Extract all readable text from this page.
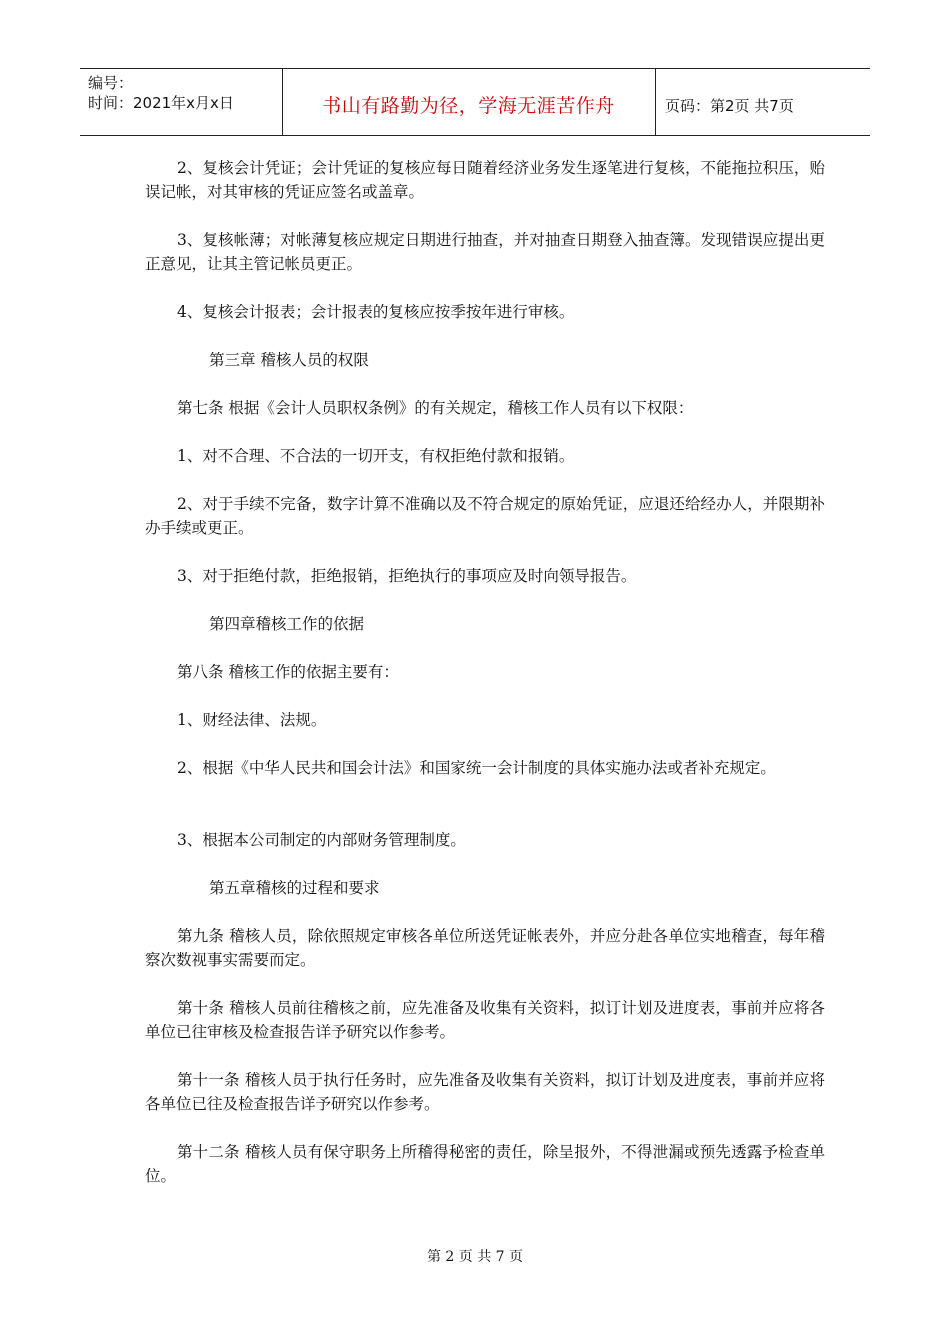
编号：
时间：2021年x月x日	书山有路勤为径，学海无涯苦作舟	页码：第2页 共7页

2、复核会计凭证；会计凭证的复核应每日随着经济业务发生逐笔进行复核，不能拖拉积压，贻误记帐，对其审核的凭证应签名或盖章。

3、复核帐薄；对帐薄复核应规定日期进行抽查，并对抽查日期登入抽查簿。发现错误应提出更正意见，让其主管记帐员更正。

4、复核会计报表；会计报表的复核应按季按年进行审核。

第三章 稽核人员的权限

第七条 根据《会计人员职权条例》的有关规定，稽核工作人员有以下权限：

1、对不合理、不合法的一切开支，有权拒绝付款和报销。

2、对于手续不完备，数字计算不准确以及不符合规定的原始凭证，应退还给经办人，并限期补办手续或更正。

3、对于拒绝付款，拒绝报销，拒绝执行的事项应及时向领导报告。

第四章稽核工作的依据

第八条 稽核工作的依据主要有：

1、财经法律、法规。

2、根据《中华人民共和国会计法》和国家统一会计制度的具体实施办法或者补充规定。

3、根据本公司制定的内部财务管理制度。

第五章稽核的过程和要求

第九条 稽核人员，除依照规定审核各单位所送凭证帐表外，并应分赴各单位实地稽查，每年稽察次数视事实需要而定。

第十条 稽核人员前往稽核之前，应先准备及收集有关资料，拟订计划及进度表，事前并应将各单位已往审核及检查报告详予研究以作参考。

第十一条 稽核人员于执行任务时，应先准备及收集有关资料，拟订计划及进度表，事前并应将各单位已往及检查报告详予研究以作参考。

第十二条 稽核人员有保守职务上所稽得秘密的责任，除呈报外，不得泄漏或预先透露予检查单位。

第 2 页 共 7 页
